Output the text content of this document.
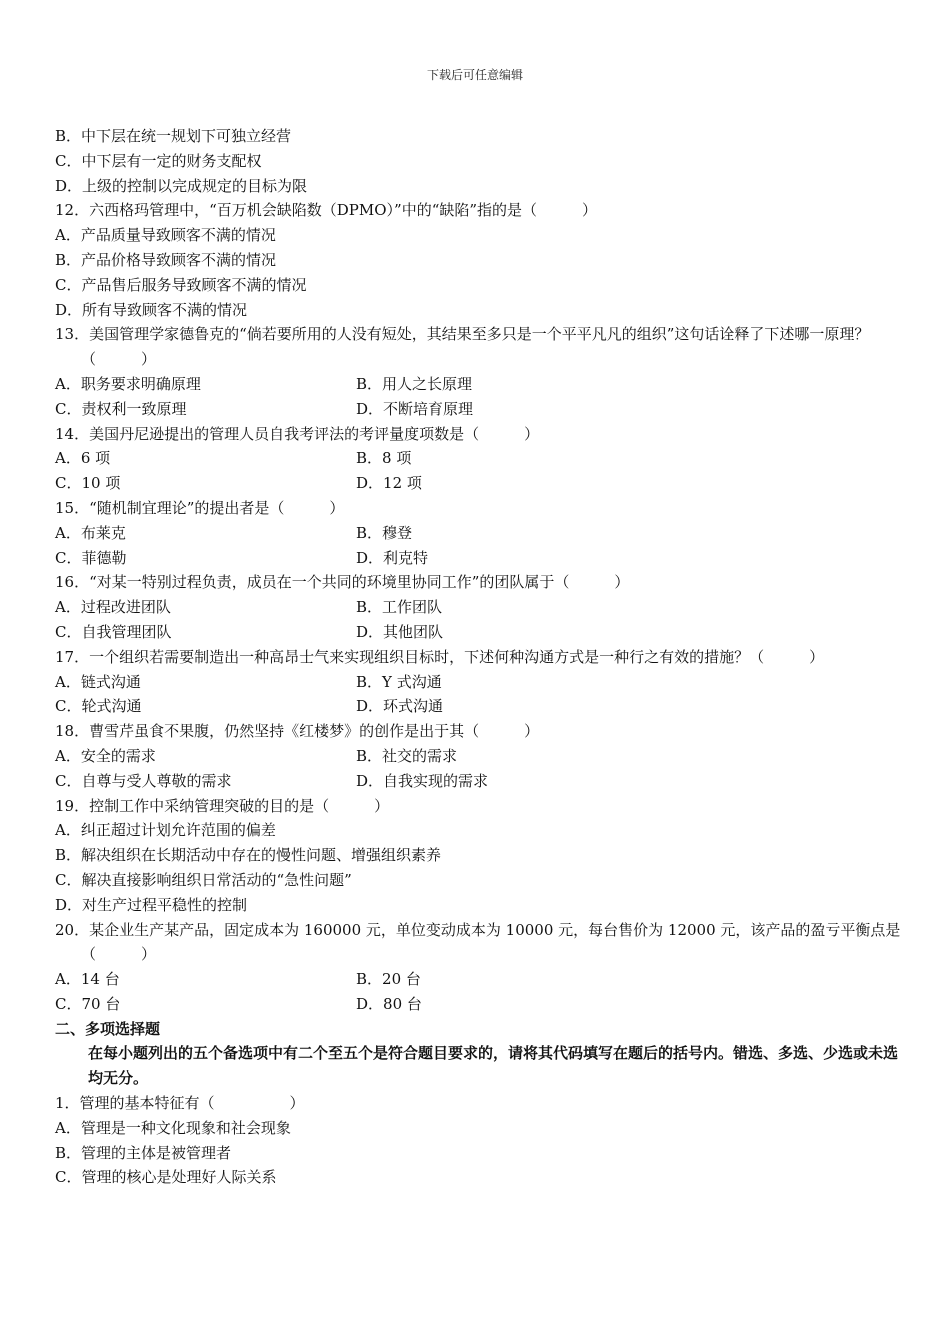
下载后可任意编辑
B．中下层在统一规划下可独立经营
C．中下层有一定的财务支配权
D．上级的控制以完成规定的目标为限
12．六西格玛管理中，“百万机会缺陷数（DPMO）”中的“缺陷”指的是（　　　）
A．产品质量导致顾客不满的情况
B．产品价格导致顾客不满的情况
C．产品售后服务导致顾客不满的情况
D．所有导致顾客不满的情况
13．美国管理学家德鲁克的“倘若要所用的人没有短处，其结果至多只是一个平平凡凡的组织”这句话诠释了下述哪一原理？（　　　）
A．职务要求明确原理	B．用人之长原理
C．责权利一致原理	D．不断培育原理
14．美国丹尼逊提出的管理人员自我考评法的考评量度项数是（　　　）
A．6 项	B．8 项
C．10 项	D．12 项
15．“随机制宜理论”的提出者是（　　　）
A．布莱克	B．穆登
C．菲德勒	D．利克特
16．“对某一特别过程负责，成员在一个共同的环境里协同工作”的团队属于（　　　）
A．过程改进团队	B．工作团队
C．自我管理团队	D．其他团队
17．一个组织若需要制造出一种高昂士气来实现组织目标时，下述何种沟通方式是一种行之有效的措施？（　　　）
A．链式沟通	B．Y 式沟通
C．轮式沟通	D．环式沟通
18．曹雪芹虽食不果腹，仍然坚持《红楼梦》的创作是出于其（　　　）
A．安全的需求	B．社交的需求
C．自尊与受人尊敬的需求	D．自我实现的需求
19．控制工作中采纳管理突破的目的是（　　　）
A．纠正超过计划允许范围的偏差
B．解决组织在长期活动中存在的慢性问题、增强组织素养
C．解决直接影响组织日常活动的“急性问题”
D．对生产过程平稳性的控制
20．某企业生产某产品，固定成本为 160000 元，单位变动成本为 10000 元，每台售价为 12000 元，该产品的盈亏平衡点是（　　　）
A．14 台	B．20 台
C．70 台	D．80 台
二、多项选择题
在每小题列出的五个备选项中有二个至五个是符合题目要求的，请将其代码填写在题后的括号内。错选、多选、少选或未选均无分。
1．管理的基本特征有（　　　　　）
A．管理是一种文化现象和社会现象
B．管理的主体是被管理者
C．管理的核心是处理好人际关系
